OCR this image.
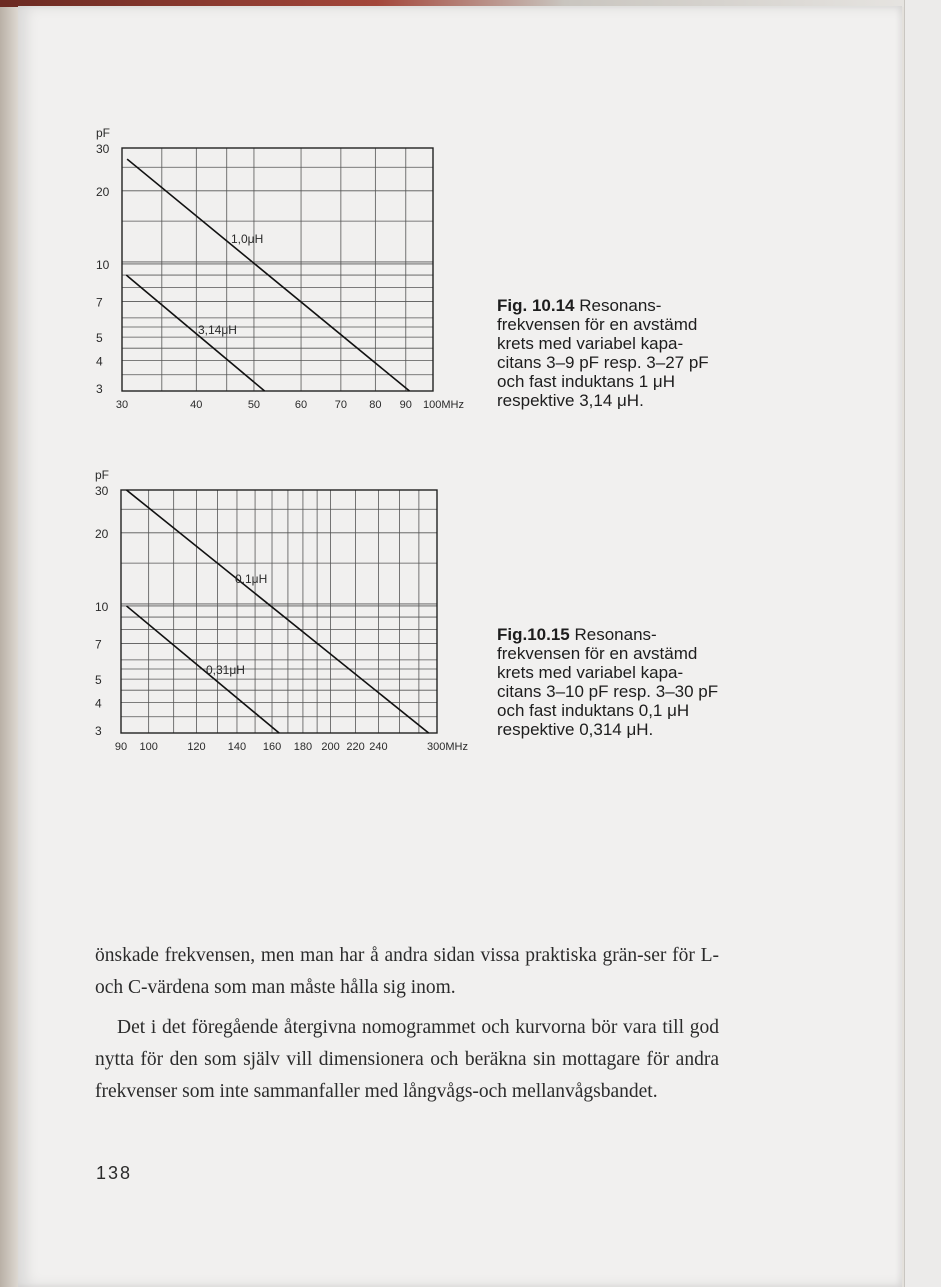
1,0μH
3,14μH
3
4
5
7
10
20
30
pF
30	40	50	60	70 80 90 100MHz
0,1μH
0,31μH
3
4
5
7
10
20
30
pF
90 100	120 140 160 180 200 220 240	300MHz
Fig. 10.14 Resonans-frekvensen för en avstämd krets med variabel kapa-citans 3–9 pF resp. 3–27 pF och fast induktans 1 μH respektive 3,14 μH.
Fig.10.15 Resonans-frekvensen för en avstämd krets med variabel kapa-citans 3–10 pF resp. 3–30 pF och fast induktans 0,1 μH respektive 0,314 μH.

önskade frekvensen, men man har å andra sidan vissa praktiska grän-ser för L- och C-värdena som man måste hålla sig inom.

Det i det föregående återgivna nomogrammet och kurvorna bör vara till god nytta för den som själv vill dimensionera och beräkna sin mottagare för andra frekvenser som inte sammanfaller med långvågs-och mellanvågsbandet.

138
